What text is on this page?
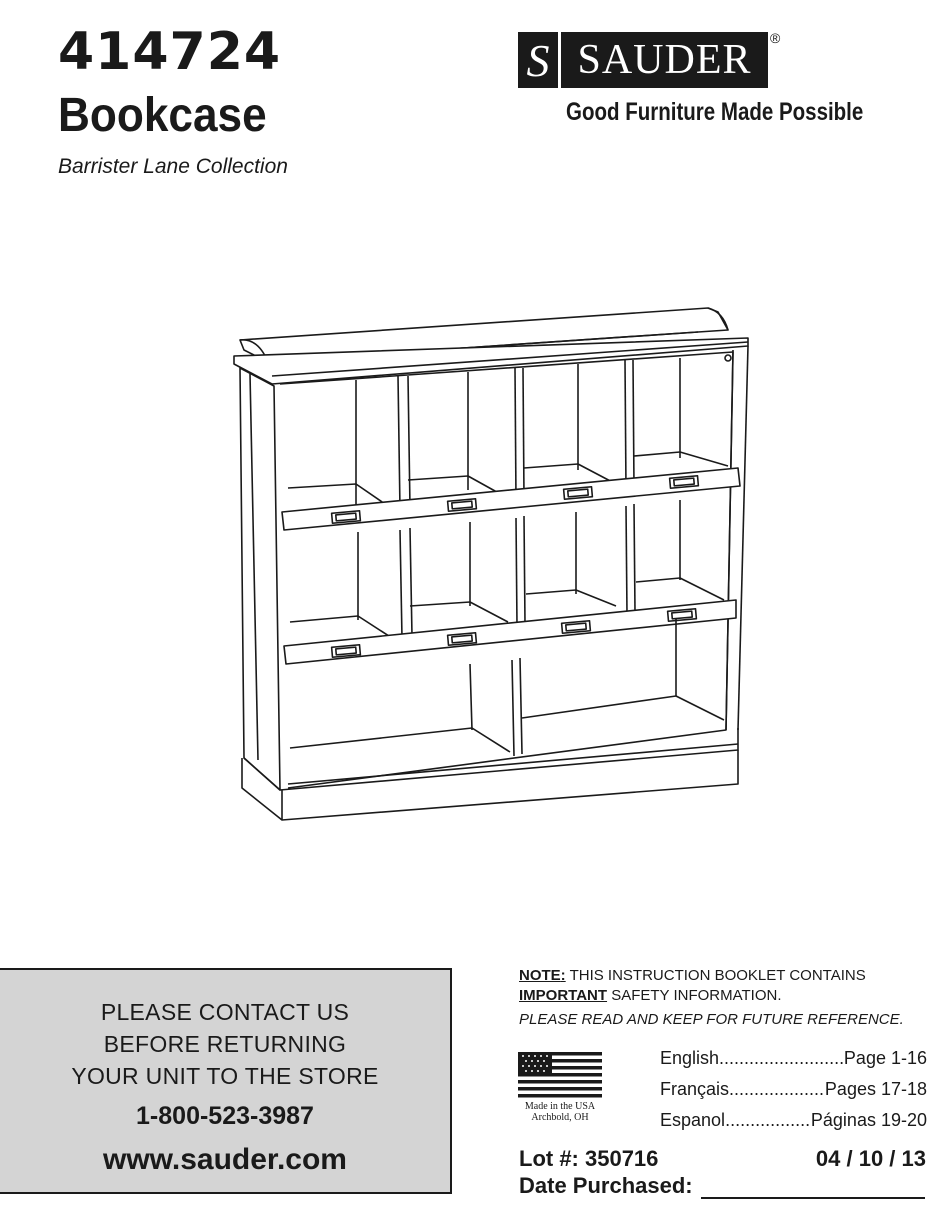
414724
Bookcase
Barrister Lane Collection
S SAUDER	®
Good Furniture Made Possible
PLEASE CONTACT US
BEFORE RETURNING
YOUR UNIT TO THE STORE
1-800-523-3987
www.sauder.com
NOTE: THIS INSTRUCTION BOOKLET CONTAINS
IMPORTANT SAFETY INFORMATION.
PLEASE READ AND KEEP FOR FUTURE REFERENCE.
Made in the USA
Archbold, OH
English .....	Page 1-16
Français .....	Pages 17-18
Espanol .....	Páginas 19-20
Lot #: 350716	04 / 10 / 13
Date Purchased:
